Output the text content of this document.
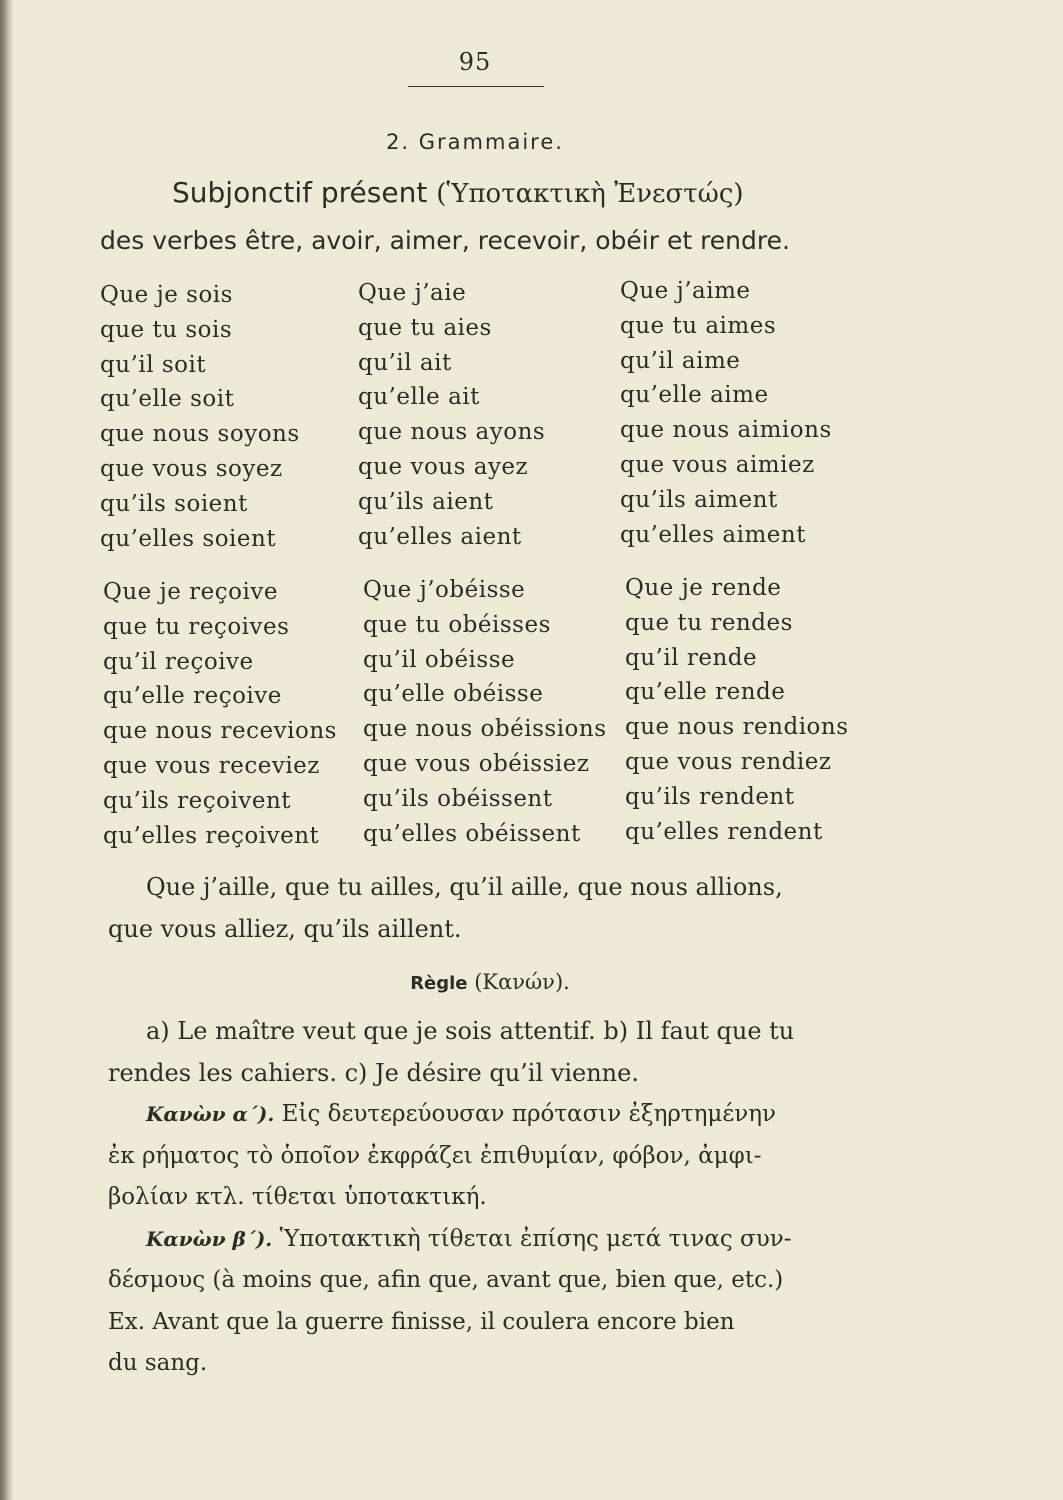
95
2. Grammaire.
Subjonctif présent (Ὑποτακτικὴ Ἐνεστώς)
des verbes être, avoir, aimer, recevoir, obéir et rendre.
Que je sois
que tu sois
qu’il soit
qu’elle soit
que nous soyons
que vous soyez
qu’ils soient
qu’elles soient
Que j’aie
que tu aies
qu’il ait
qu’elle ait
que nous ayons
que vous ayez
qu’ils aient
qu’elles aient
Que j’aime
que tu aimes
qu’il aime
qu’elle aime
que nous aimions
que vous aimiez
qu’ils aiment
qu’elles aiment
Que je reçoive
que tu reçoives
qu’il reçoive
qu’elle reçoive
que nous recevions
que vous receviez
qu’ils reçoivent
qu’elles reçoivent
Que j’obéisse
que tu obéisses
qu’il obéisse
qu’elle obéisse
que nous obéissions
que vous obéissiez
qu’ils obéissent
qu’elles obéissent
Que je rende
que tu rendes
qu’il rende
qu’elle rende
que nous rendions
que vous rendiez
qu’ils rendent
qu’elles rendent
Que j’aille, que tu ailles, qu’il aille, que nous allions,
que vous alliez, qu’ils aillent.
Règle (Κανών).
a) Le maître veut que je sois attentif. b) Il faut que tu
rendes les cahiers. c) Je désire qu’il vienne.
Κανὼν α΄). Εἰς δευτερεύουσαν πρότασιν ἐξηρτημένην
ἐκ ρήματος τὸ ὁποῖον ἐκφράζει ἐπιθυμίαν, φόβον, ἀμφι-
βολίαν κτλ. τίθεται ὑποτακτική.
Κανὼν β΄). Ὑποτακτικὴ τίθεται ἐπίσης μετά τινας συν-
δέσμους (à moins que, afin que, avant que, bien que, etc.)
Ex. Avant que la guerre finisse, il coulera encore bien
du sang.
